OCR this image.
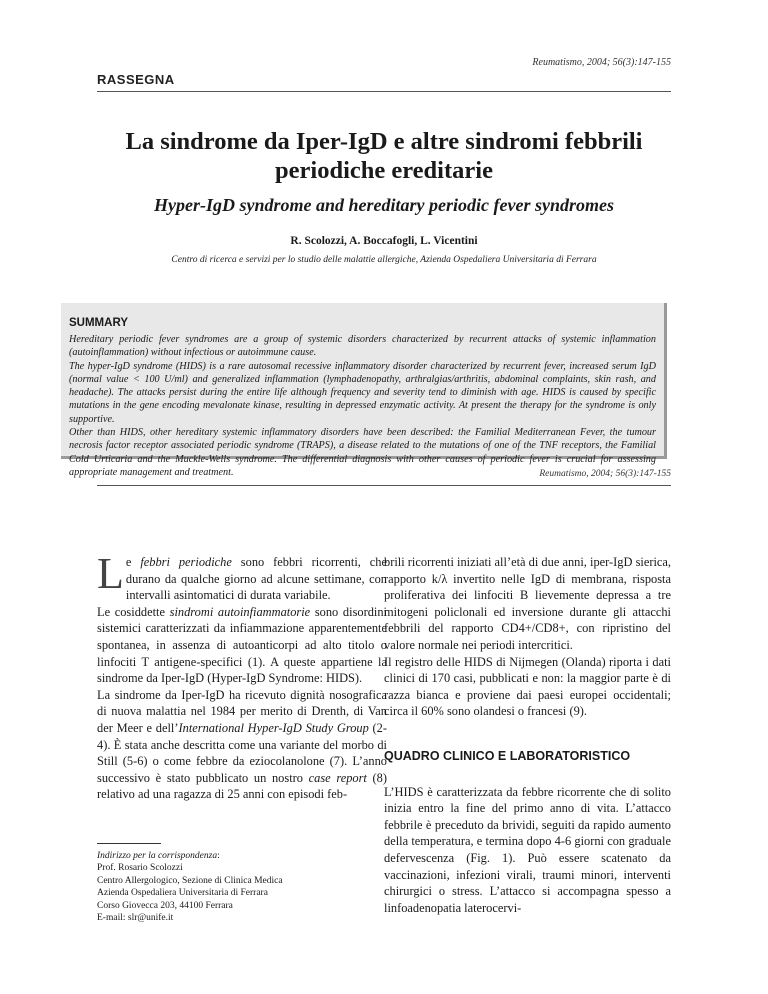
Reumatismo, 2004; 56(3):147-155
RASSEGNA
La sindrome da Iper-IgD e altre sindromi febbrili
periodiche ereditarie
Hyper-IgD syndrome and hereditary periodic fever syndromes
R. Scolozzi, A. Boccafogli, L. Vicentini
Centro di ricerca e servizi per lo studio delle malattie allergiche, Azienda Ospedaliera Universitaria di Ferrara
SUMMARY

Hereditary periodic fever syndromes are a group of systemic disorders characterized by recurrent attacks of systemic inflammation (autoinflammation) without infectious or autoimmune cause.

The hyper-IgD syndrome (HIDS) is a rare autosomal recessive inflammatory disorder characterized by recurrent fever, increased serum IgD (normal value < 100 U/ml) and generalized inflammation (lymphadenopathy, arthralgias/arthritis, abdominal complaints, skin rash, and headache). The attacks persist during the entire life although frequency and severity tend to diminish with age. HIDS is caused by specific mutations in the gene encoding mevalonate kinase, resulting in depressed enzymatic activity. At present the therapy for the syndrome is only supportive.

Other than HIDS, other hereditary systemic inflammatory disorders have been described: the Familial Mediterranean Fever, the tumour necrosis factor receptor associated periodic syndrome (TRAPS), a disease related to the mutations of one of the TNF receptors, the Familial Cold Urticaria and the Muckle-Wells syndrome. The differential diagnosis with other causes of periodic fever is crucial for assessing appropriate management and treatment.	Reumatismo, 2004; 56(3):147-155

Le febbri periodiche sono febbri ricorrenti, che durano da qualche giorno ad alcune settimane, con intervalli asintomatici di durata variabile.

Le cosiddette sindromi autoinfiammatorie sono disordini sistemici caratterizzati da infiammazione apparentemente spontanea, in assenza di autoanticorpi ad alto titolo o linfociti T antigene-specifici (1). A queste appartiene la sindrome da Iper-IgD (Hyper-IgD Syndrome: HIDS).

La sindrome da Iper-IgD ha ricevuto dignità nosografica di nuova malattia nel 1984 per merito di Drenth, di Van der Meer e dell’International Hyper-IgD Study Group (2-4). È stata anche descritta come una variante del morbo di Still (5-6) o come febbre da eziocolanolone (7). L’anno successivo è stato pubblicato un nostro case report (8) relativo ad una ragazza di 25 anni con episodi feb-

Indirizzo per la corrispondenza:
Prof. Rosario Scolozzi
Centro Allergologico, Sezione di Clinica Medica
Azienda Ospedaliera Universitaria di Ferrara
Corso Giovecca 203, 44100 Ferrara
E-mail: slr@unife.it

brili ricorrenti iniziati all’età di due anni, iper-IgD sierica, rapporto k/λ invertito nelle IgD di membrana, risposta proliferativa dei linfociti B lievemente depressa a tre mitogeni policlonali ed inversione durante gli attacchi febbrili del rapporto CD4+/CD8+, con ripristino del valore normale nei periodi intercritici.

Il registro delle HIDS di Nijmegen (Olanda) riporta i dati clinici di 170 casi, pubblicati e non: la maggior parte è di razza bianca e proviene dai paesi europei occidentali; circa il 60% sono olandesi o francesi (9).

QUADRO CLINICO E LABORATORISTICO

L’HIDS è caratterizzata da febbre ricorrente che di solito inizia entro la fine del primo anno di vita. L’attacco febbrile è preceduto da brividi, seguiti da rapido aumento della temperatura, e termina dopo 4-6 giorni con graduale defervescenza (Fig. 1). Può essere scatenato da vaccinazioni, infezioni virali, traumi minori, interventi chirurgici o stress. L’attacco si accompagna spesso a linfoadenopatia laterocervi-
